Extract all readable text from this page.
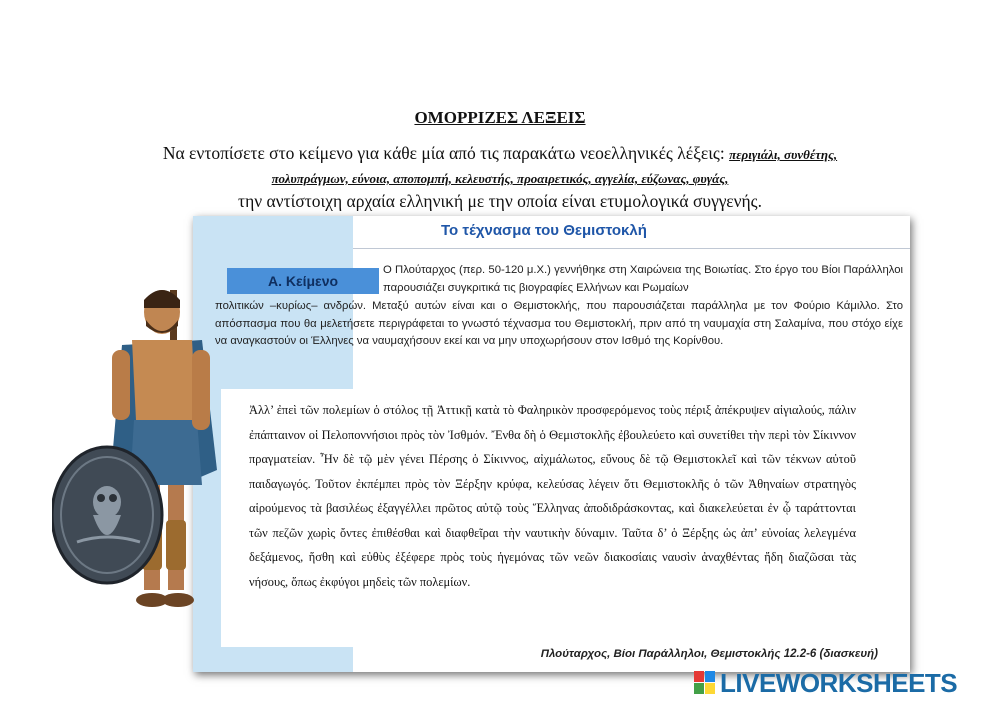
ΟΜΟΡΡΙΖΕΣ ΛΕΞΕΙΣ
Να εντοπίσετε στο κείμενο για κάθε μία από τις παρακάτω νεοελληνικές λέξεις: περιγιάλι, συνθέτης,
πολυπράγμων, εύνοια, αποπομπή, κελευστής, προαιρετικός, αγγελία, εύζωνας, φυγάς,
την αντίστοιχη αρχαία ελληνική με την οποία είναι ετυμολογικά συγγενής.
Το τέχνασμα του Θεμιστοκλή
Α. Κείμενο
Ο Πλούταρχος (περ. 50-120 μ.Χ.) γεννήθηκε στη Χαιρώνεια της Βοιωτίας. Στο έργο του Βίοι Παράλληλοι παρουσιάζει συγκριτικά τις βιογραφίες Ελλήνων και Ρωμαίων
πολιτικών –κυρίως– ανδρών. Μεταξύ αυτών είναι και ο Θεμιστοκλής, που παρουσιάζεται παράλληλα με τον Φούριο Κάμιλλο. Στο απόσπασμα που θα μελετήσετε περιγράφεται το γνωστό τέχνασμα του Θεμιστοκλή, πριν από τη ναυμαχία στη Σαλαμίνα, που στόχο είχε να αναγκαστούν οι Έλληνες να ναυμαχήσουν εκεί και να μην υποχωρήσουν στον Ισθμό της Κορίνθου.
Ἀλλ’ ἐπεὶ τῶν πολεμίων ὁ στόλος τῇ Ἀττικῇ κατὰ τὸ Φαληρικὸν προσφερόμενος τοὺς πέριξ ἀπέκρυψεν αἰγιαλούς, πάλιν ἐπάπταινον οἱ Πελοποννήσιοι πρὸς τὸν Ἰσθμόν. Ἔνθα δὴ ὁ Θεμιστοκλῆς ἐβουλεύετο καὶ συνετίθει τὴν περὶ τὸν Σίκιννον πραγματείαν. Ἦν δὲ τῷ μὲν γένει Πέρσης ὁ Σίκιννος, αἰχμάλωτος, εὔνους δὲ τῷ Θεμιστοκλεῖ καὶ τῶν τέκνων αὐτοῦ παιδαγωγός. Τοῦτον ἐκπέμπει πρὸς τὸν Ξέρξην κρύφα, κελεύσας λέγειν ὅτι Θεμιστοκλῆς ὁ τῶν Ἀθηναίων στρατηγὸς αἱρούμενος τὰ βασιλέως ἐξαγγέλλει πρῶτος αὐτῷ τοὺς Ἕλληνας ἀποδιδράσκοντας, καὶ διακελεύεται ἐν ᾧ ταράττονται τῶν πεζῶν χωρὶς ὄντες ἐπιθέσθαι καὶ διαφθεῖραι τὴν ναυτικὴν δύναμιν. Ταῦτα δ’ ὁ Ξέρξης ὡς ἀπ’ εὐνοίας λελεγμένα δεξάμενος, ἥσθη καὶ εὐθὺς ἐξέφερε πρὸς τοὺς ἡγεμόνας τῶν νεῶν διακοσίαις ναυσὶν ἀναχθέντας ἤδη διαζῶσαι τὰς νήσους, ὅπως ἐκφύγοι μηδεὶς τῶν πολεμίων.
Πλούταρχος, Βίοι Παράλληλοι, Θεμιστοκλής 12.2-6 (διασκευή)
LIVEWORKSHEETS
